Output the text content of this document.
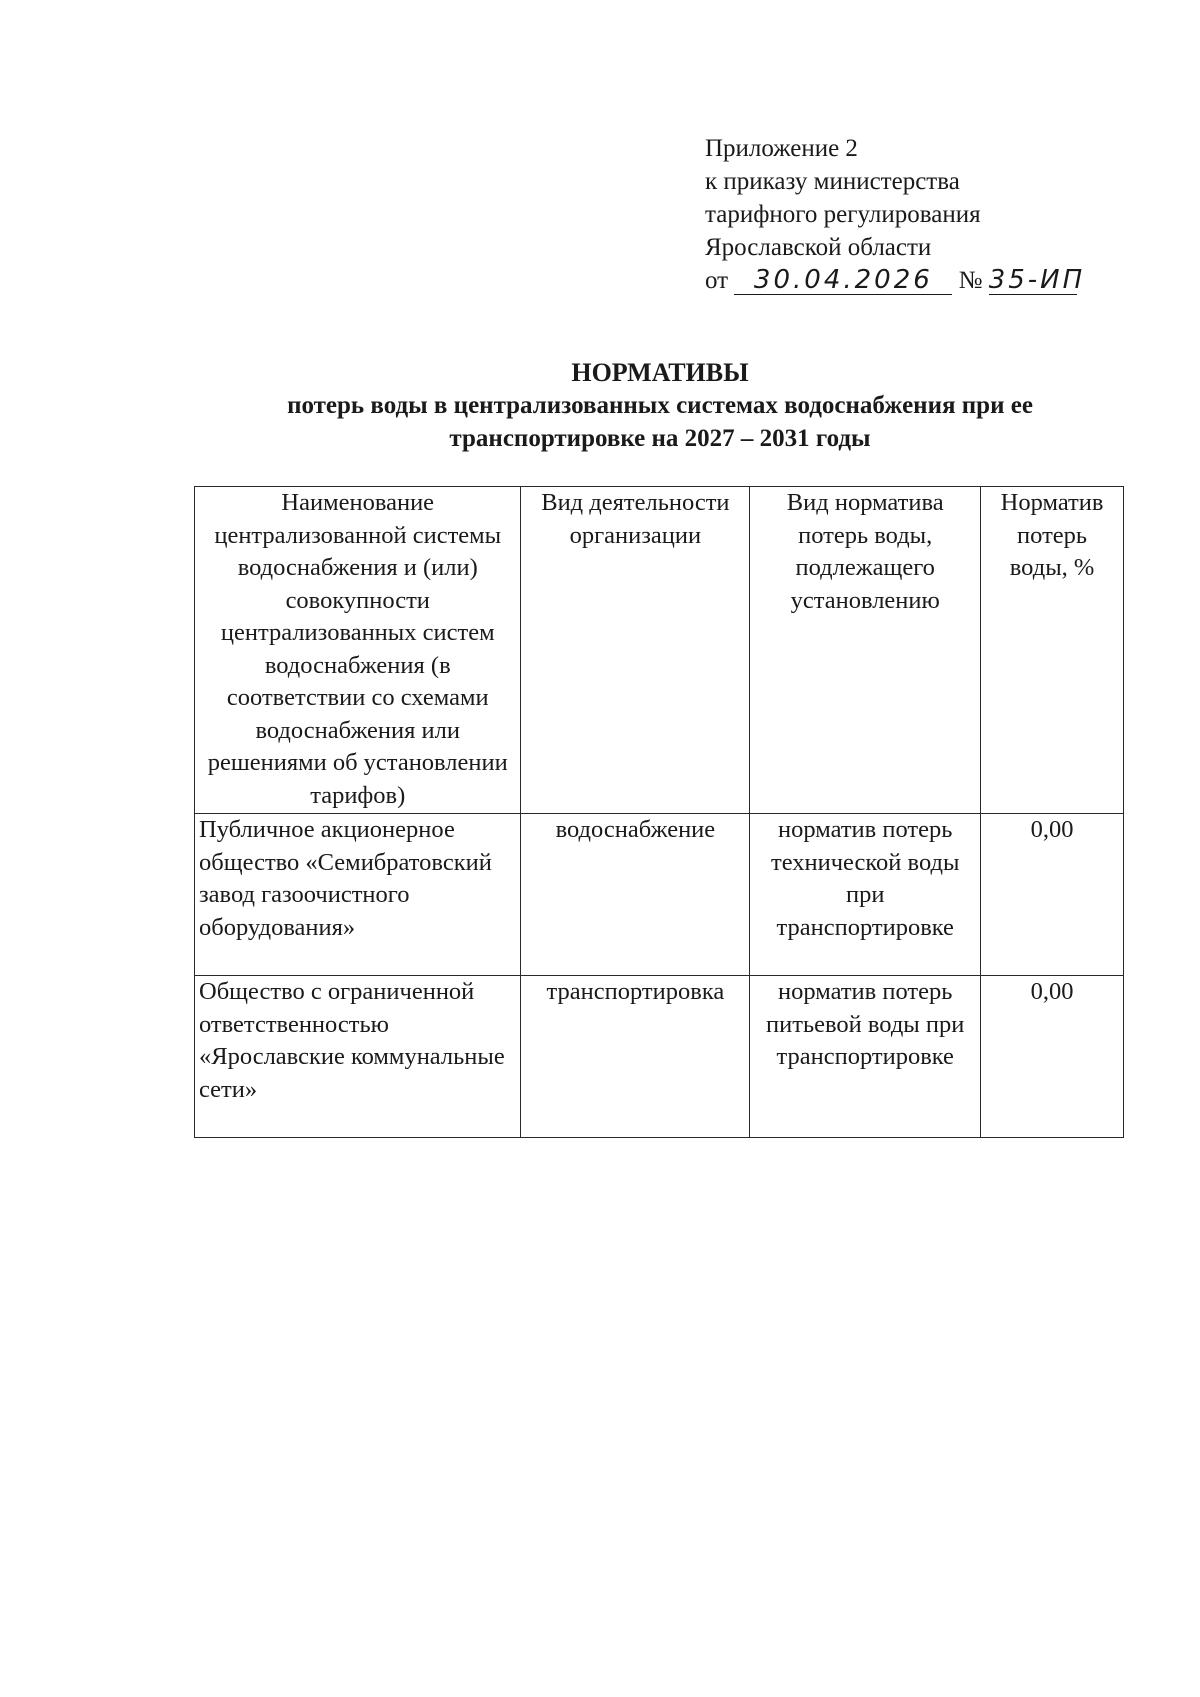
Приложение 2
к приказу министерства
тарифного регулирования
Ярославской области
от 30.04.2026 № 35-ИП
НОРМАТИВЫ
потерь воды в централизованных системах водоснабжения при ее
транспортировке на 2027 – 2031 годы
Наименование централизованной системы водоснабжения и (или) совокупности централизованных систем водоснабжения (в соответствии со схемами водоснабжения или решениями об установлении тарифов)	Вид деятельности организации	Вид норматива потерь воды, подлежащего установлению	Норматив потерь воды, %
Публичное акционерное общество «Семибратовский завод газоочистного оборудования»	водоснабжение	норматив потерь технической воды при транспортировке	0,00
Общество с ограниченной ответственностью «Ярославские коммунальные сети»	транспортировка	норматив потерь питьевой воды при транспортировке	0,00
